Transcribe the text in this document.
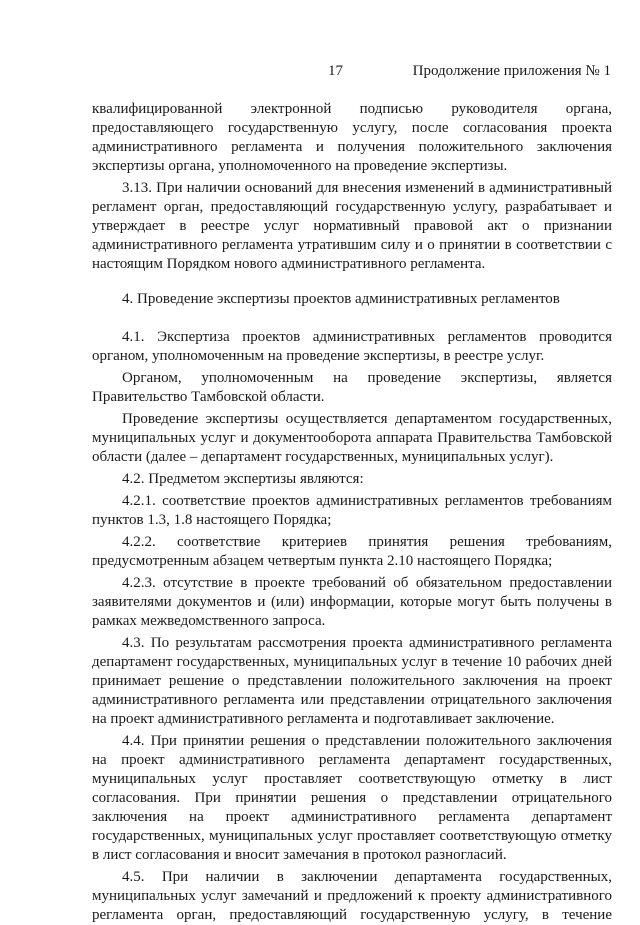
17	Продолжение приложения № 1

квалифицированной электронной подписью руководителя органа, предоставляющего государственную услугу, после согласования проекта административного регламента и получения положительного заключения экспертизы органа, уполномоченного на проведение экспертизы.

3.13. При наличии оснований для внесения изменений в административный регламент орган, предоставляющий государственную услугу, разрабатывает и утверждает в реестре услуг нормативный правовой акт о признании административного регламента утратившим силу и о принятии в соответствии с настоящим Порядком нового административного регламента.

4. Проведение экспертизы проектов административных регламентов

4.1. Экспертиза проектов административных регламентов проводится органом, уполномоченным на проведение экспертизы, в реестре услуг.

Органом, уполномоченным на проведение экспертизы, является Правительство Тамбовской области.

Проведение экспертизы осуществляется департаментом государственных, муниципальных услуг и документооборота аппарата Правительства Тамбовской области (далее – департамент государственных, муниципальных услуг).

4.2. Предметом экспертизы являются:

4.2.1. соответствие проектов административных регламентов требованиям пунктов 1.3, 1.8 настоящего Порядка;

4.2.2. соответствие критериев принятия решения требованиям, предусмотренным абзацем четвертым пункта 2.10 настоящего Порядка;

4.2.3. отсутствие в проекте требований об обязательном предоставлении заявителями документов и (или) информации, которые могут быть получены в рамках межведомственного запроса.

4.3. По результатам рассмотрения проекта административного регламента департамент государственных, муниципальных услуг в течение 10 рабочих дней принимает решение о представлении положительного заключения на проект административного регламента или представлении отрицательного заключения на проект административного регламента и подготавливает заключение.

4.4. При принятии решения о представлении положительного заключения на проект административного регламента департамент государственных, муниципальных услуг проставляет соответствующую отметку в лист согласования. При принятии решения о представлении отрицательного заключения на проект административного регламента департамент государственных, муниципальных услуг проставляет соответствующую отметку в лист согласования и вносит замечания в протокол разногласий.

4.5. При наличии в заключении департамента государственных, муниципальных услуг замечаний и предложений к проекту административного регламента орган, предоставляющий государственную услугу, в течение
